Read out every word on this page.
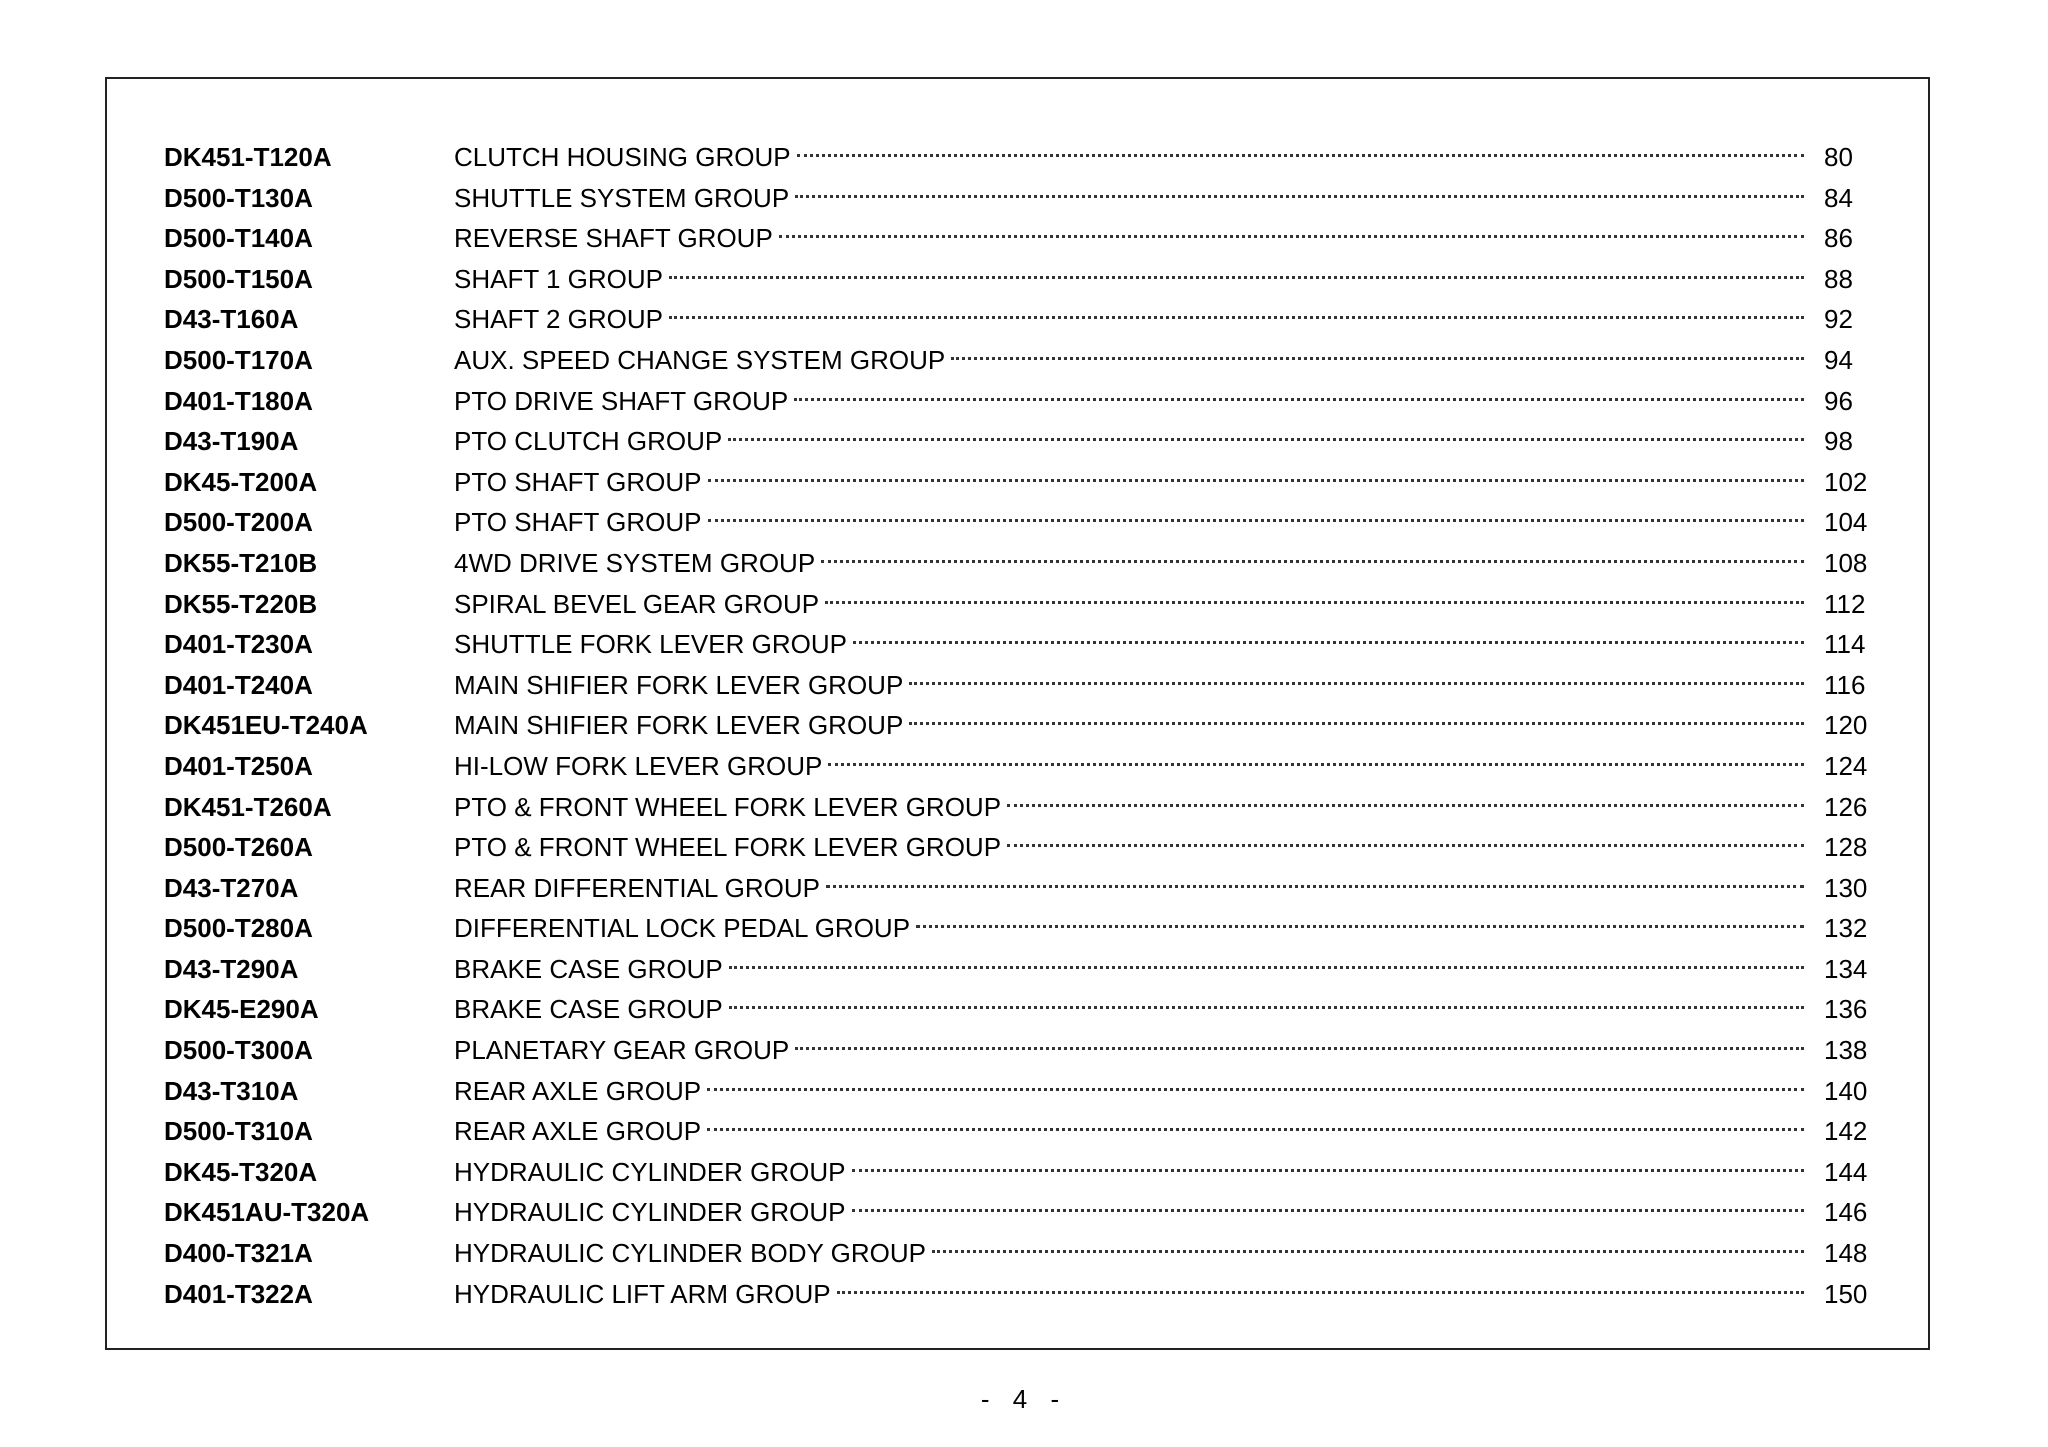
DK451-T120A	CLUTCH HOUSING GROUP	80
D500-T130A	SHUTTLE SYSTEM GROUP	84
D500-T140A	REVERSE SHAFT GROUP	86
D500-T150A	SHAFT 1 GROUP	88
D43-T160A	SHAFT 2 GROUP	92
D500-T170A	AUX. SPEED CHANGE SYSTEM GROUP	94
D401-T180A	PTO DRIVE SHAFT GROUP	96
D43-T190A	PTO CLUTCH GROUP	98
DK45-T200A	PTO SHAFT GROUP	102
D500-T200A	PTO SHAFT GROUP	104
DK55-T210B	4WD DRIVE SYSTEM GROUP	108
DK55-T220B	SPIRAL BEVEL GEAR GROUP	112
D401-T230A	SHUTTLE FORK LEVER GROUP	114
D401-T240A	MAIN SHIFIER FORK LEVER GROUP	116
DK451EU-T240A	MAIN SHIFIER FORK LEVER GROUP	120
D401-T250A	HI-LOW FORK LEVER GROUP	124
DK451-T260A	PTO & FRONT WHEEL FORK LEVER GROUP	126
D500-T260A	PTO & FRONT WHEEL FORK LEVER GROUP	128
D43-T270A	REAR DIFFERENTIAL GROUP	130
D500-T280A	DIFFERENTIAL LOCK PEDAL GROUP	132
D43-T290A	BRAKE CASE GROUP	134
DK45-E290A	BRAKE CASE GROUP	136
D500-T300A	PLANETARY GEAR GROUP	138
D43-T310A	REAR AXLE GROUP	140
D500-T310A	REAR AXLE GROUP	142
DK45-T320A	HYDRAULIC CYLINDER GROUP	144
DK451AU-T320A	HYDRAULIC CYLINDER GROUP	146
D400-T321A	HYDRAULIC CYLINDER BODY GROUP	148
D401-T322A	HYDRAULIC LIFT ARM GROUP	150
- 4 -
